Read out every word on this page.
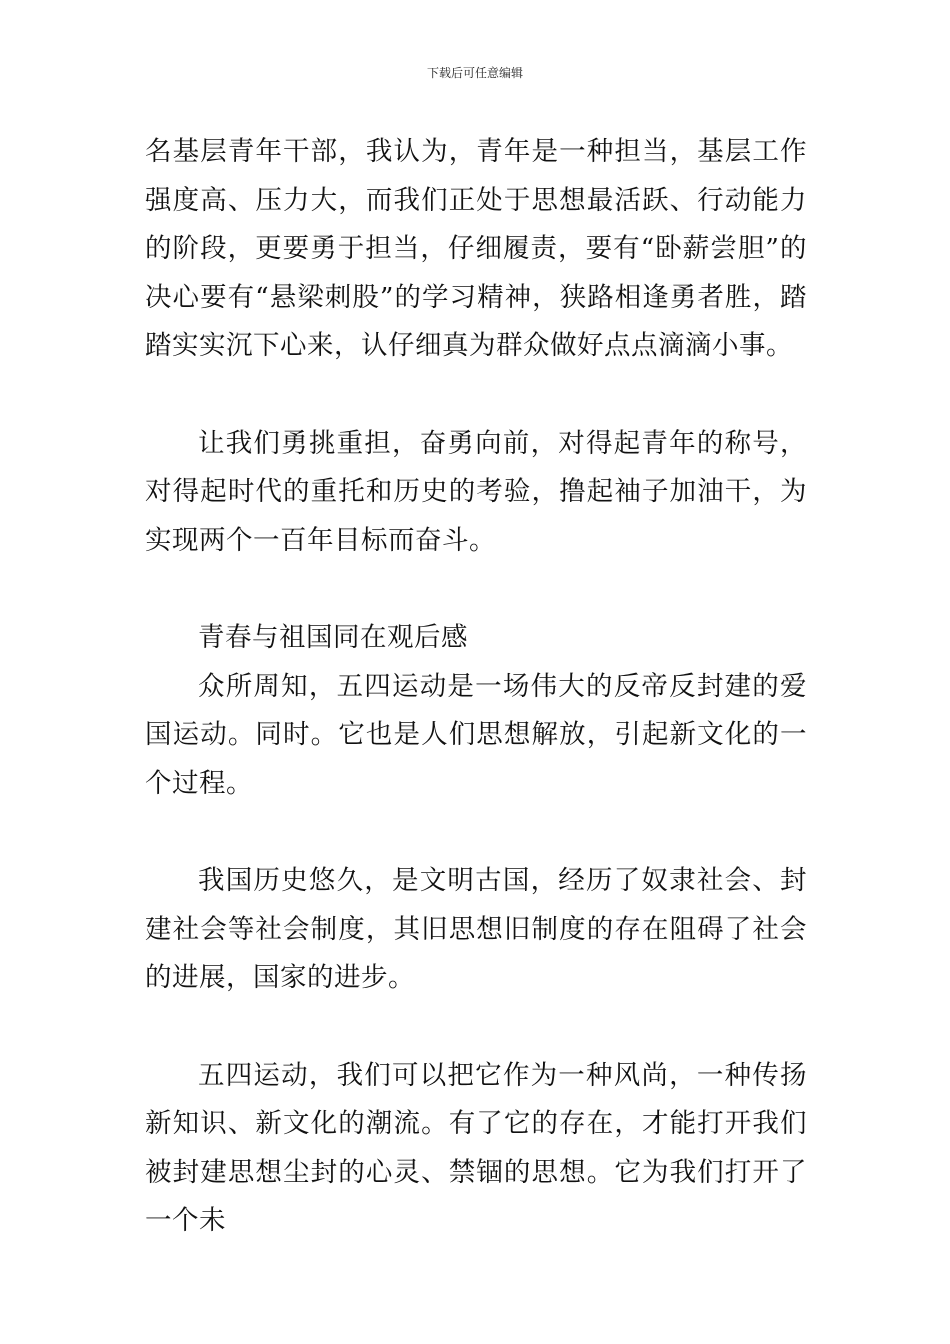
下载后可任意编辑

名基层青年干部，我认为，青年是一种担当，基层工作强度高、压力大，而我们正处于思想最活跃、行动能力的阶段，更要勇于担当，仔细履责，要有“卧薪尝胆”的决心要有“悬梁刺股”的学习精神，狭路相逢勇者胜，踏踏实实沉下心来，认仔细真为群众做好点点滴滴小事。

让我们勇挑重担，奋勇向前，对得起青年的称号，对得起时代的重托和历史的考验，撸起袖子加油干，为实现两个一百年目标而奋斗。

青春与祖国同在观后感

众所周知，五四运动是一场伟大的反帝反封建的爱国运动。同时。它也是人们思想解放，引起新文化的一个过程。

我国历史悠久，是文明古国，经历了奴隶社会、封建社会等社会制度，其旧思想旧制度的存在阻碍了社会的进展，国家的进步。

五四运动，我们可以把它作为一种风尚，一种传扬新知识、新文化的潮流。有了它的存在，才能打开我们被封建思想尘封的心灵、禁锢的思想。它为我们打开了一个未
